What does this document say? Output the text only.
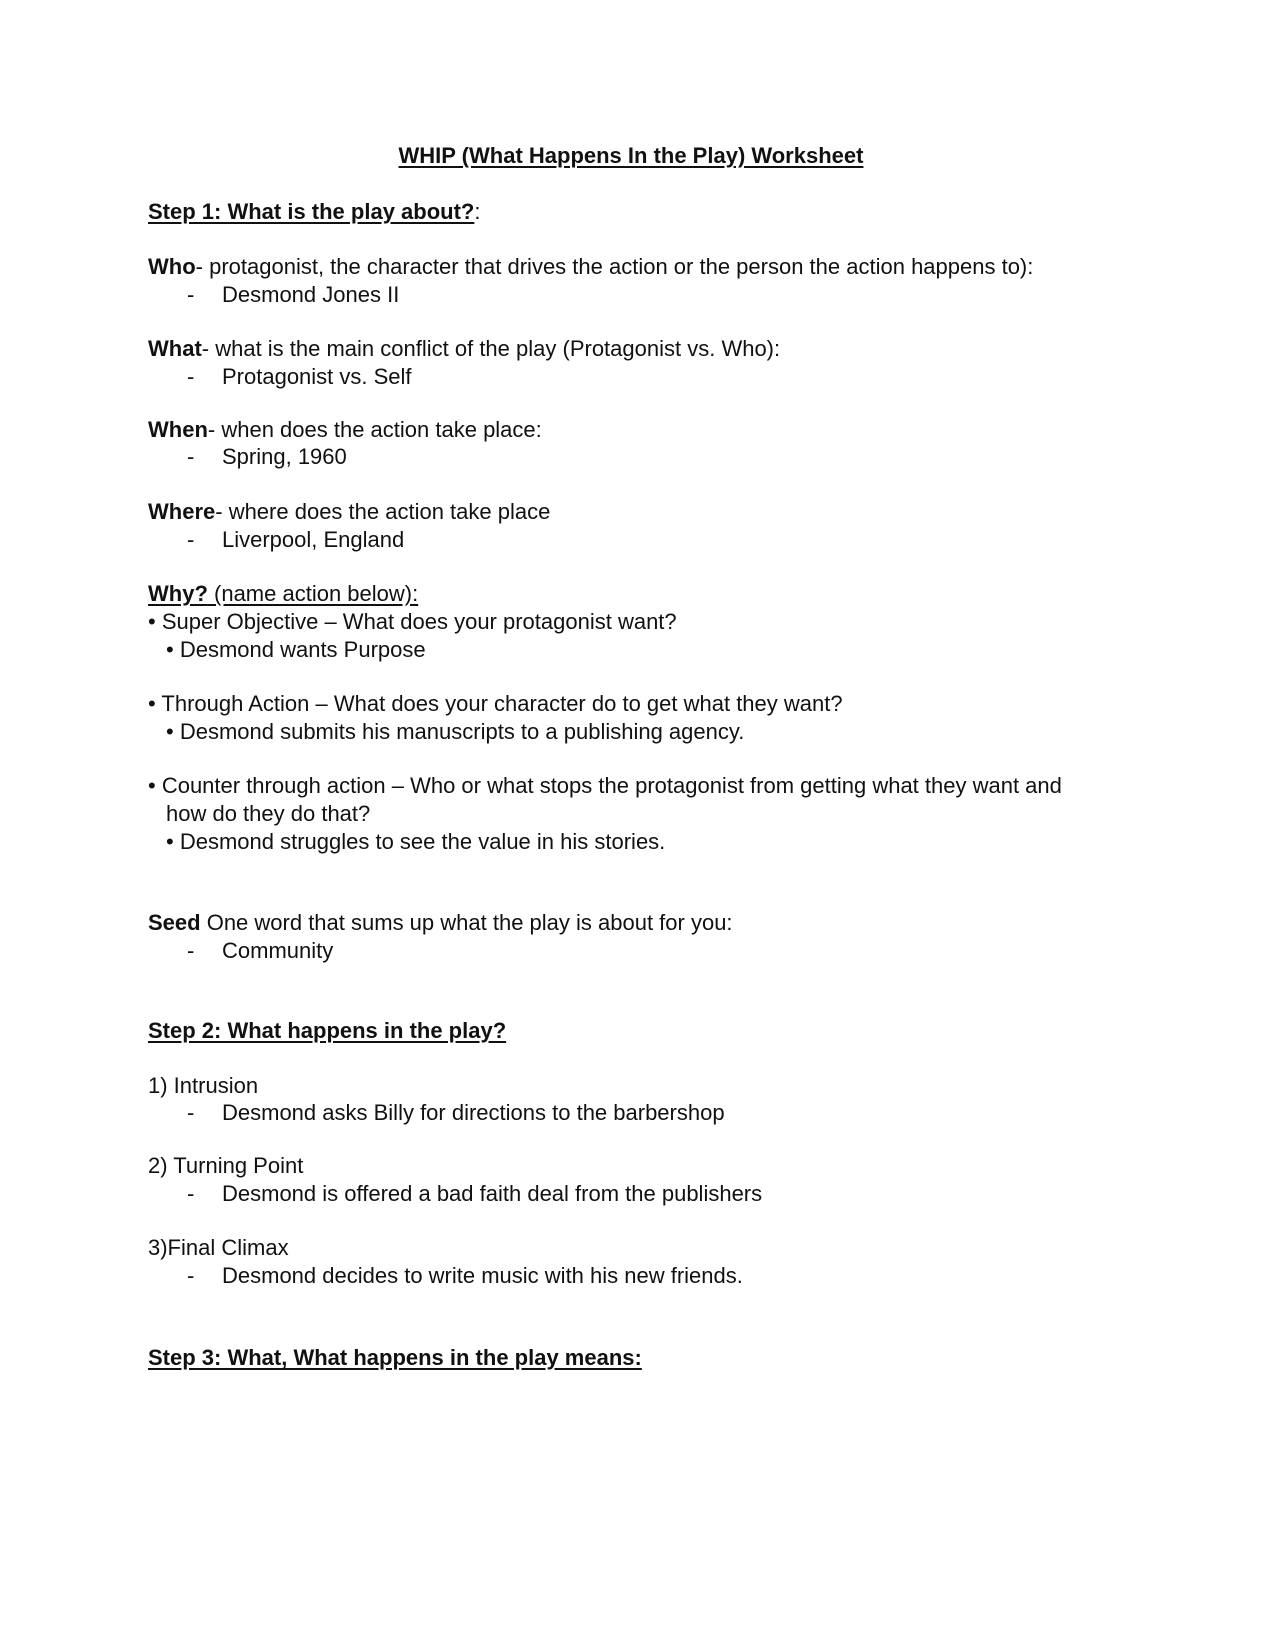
WHIP (What Happens In the Play) Worksheet
Step 1: What is the play about?:
Who- protagonist, the character that drives the action or the person the action happens to):
- Desmond Jones II
What- what is the main conflict of the play (Protagonist vs. Who):
- Protagonist vs. Self
When- when does the action take place:
- Spring, 1960
Where- where does the action take place
- Liverpool, England
Why? (name action below):
• Super Objective – What does your protagonist want?
• Desmond wants Purpose
• Through Action – What does your character do to get what they want?
• Desmond submits his manuscripts to a publishing agency.
• Counter through action – Who or what stops the protagonist from getting what they want and
how do they do that?
• Desmond struggles to see the value in his stories.
Seed One word that sums up what the play is about for you:
- Community
Step 2: What happens in the play?
1) Intrusion
- Desmond asks Billy for directions to the barbershop
2) Turning Point
- Desmond is offered a bad faith deal from the publishers
3)Final Climax
- Desmond decides to write music with his new friends.
Step 3: What, What happens in the play means:
